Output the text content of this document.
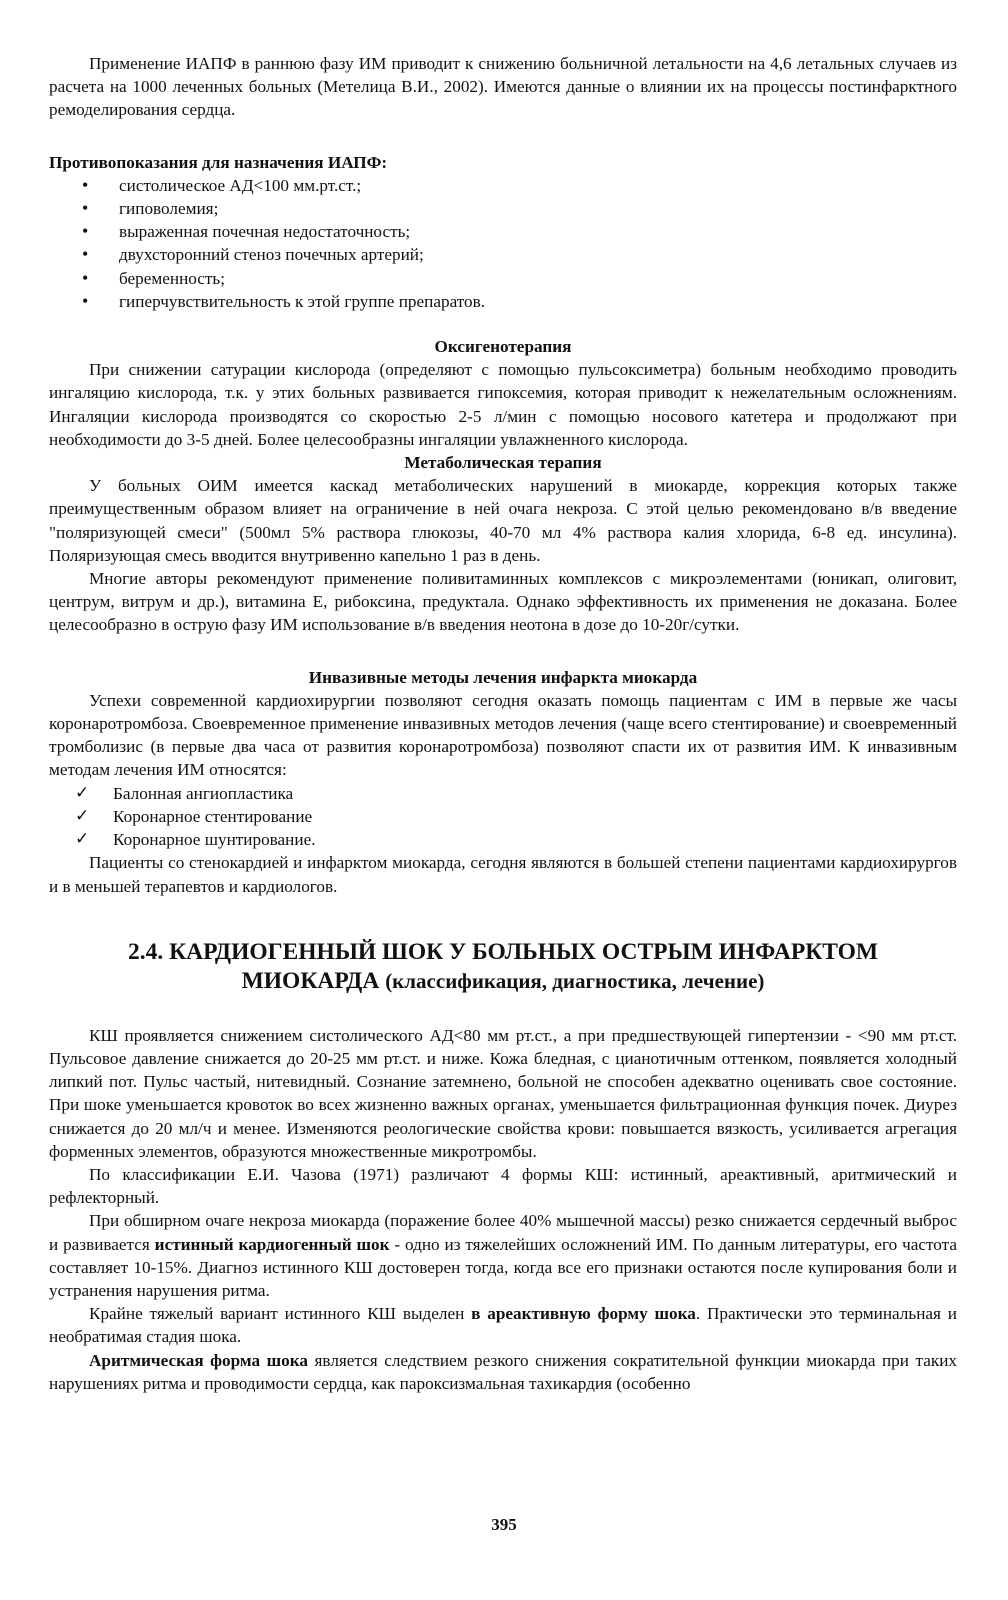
Применение ИАПФ в раннюю фазу ИМ приводит к снижению больничной летальности на 4,6 летальных случаев из расчета на 1000 леченных больных (Метелица В.И., 2002). Имеются данные о влиянии их на процессы постинфарктного ремоделирования сердца.

Противопоказания для назначения ИАПФ:
• систолическое АД<100 мм.рт.ст.;
• гиповолемия;
• выраженная почечная недостаточность;
• двухсторонний стеноз почечных артерий;
• беременность;
• гиперчувствительность к этой группе препаратов.
Оксигенотерапия

При снижении сатурации кислорода (определяют с помощью пульсоксиметра) больным необходимо проводить ингаляцию кислорода, т.к. у этих больных развивается гипоксемия, которая приводит к нежелательным осложнениям. Ингаляции кислорода производятся со скоростью 2-5 л/мин с помощью носового катетера и продолжают при необходимости до 3-5 дней. Более целесообразны ингаляции увлажненного кислорода.

Метаболическая терапия

У больных ОИМ имеется каскад метаболических нарушений в миокарде, коррекция которых также преимущественным образом влияет на ограничение в ней очага некроза. С этой целью рекомендовано в/в введение "поляризующей смеси" (500мл 5% раствора глюкозы, 40-70 мл 4% раствора калия хлорида, 6-8 ед. инсулина). Поляризующая смесь вводится внутривенно капельно 1 раз в день.

Многие авторы рекомендуют применение поливитаминных комплексов с микроэлементами (юникап, олиговит, центрум, витрум и др.), витамина Е, рибоксина, предуктала. Однако эффективность их применения не доказана. Более целесообразно в острую фазу ИМ использование в/в введения неотона в дозе до 10-20г/сутки.

Инвазивные методы лечения инфаркта миокарда

Успехи современной кардиохирургии позволяют сегодня оказать помощь пациентам с ИМ в первые же часы коронаротромбоза. Своевременное применение инвазивных методов лечения (чаще всего стентирование) и своевременный тромболизис (в первые два часа от развития коронаротромбоза) позволяют спасти их от развития ИМ. К инвазивным методам лечения ИМ относятся:

✓ Балонная ангиопластика
✓ Коронарное стентирование
✓ Коронарное шунтирование.

Пациенты со стенокардией и инфарктом миокарда, сегодня являются в большей степени пациентами кардиохирургов и в меньшей терапевтов и кардиологов.

2.4. КАРДИОГЕННЫЙ ШОК У БОЛЬНЫХ ОСТРЫМ ИНФАРКТОМ
МИОКАРДА (классификация, диагностика, лечение)

КШ проявляется снижением систолического АД<80 мм рт.ст., а при предшествующей гипертензии - <90 мм рт.ст. Пульсовое давление снижается до 20-25 мм рт.ст. и ниже. Кожа бледная, с цианотичным оттенком, появляется холодный липкий пот. Пульс частый, нитевидный. Сознание затемнено, больной не способен адекватно оценивать свое состояние. При шоке уменьшается кровоток во всех жизненно важных органах, уменьшается фильтрационная функция почек. Диурез снижается до 20 мл/ч и менее. Изменяются реологические свойства крови: повышается вязкость, усиливается агрегация форменных элементов, образуются множественные микротромбы.

По классификации Е.И. Чазова (1971) различают 4 формы КШ: истинный, ареактивный, аритмический и рефлекторный.

При обширном очаге некроза миокарда (поражение более 40% мышечной массы) резко снижается сердечный выброс и развивается истинный кардиогенный шок - одно из тяжелейших осложнений ИМ. По данным литературы, его частота составляет 10-15%. Диагноз истинного КШ достоверен тогда, когда все его признаки остаются после купирования боли и устранения нарушения ритма.

Крайне тяжелый вариант истинного КШ выделен в ареактивную форму шока. Практически это терминальная и необратимая стадия шока.

Аритмическая форма шока является следствием резкого снижения сократительной функции миокарда при таких нарушениях ритма и проводимости сердца, как пароксизмальная тахикардия (особенно

395
